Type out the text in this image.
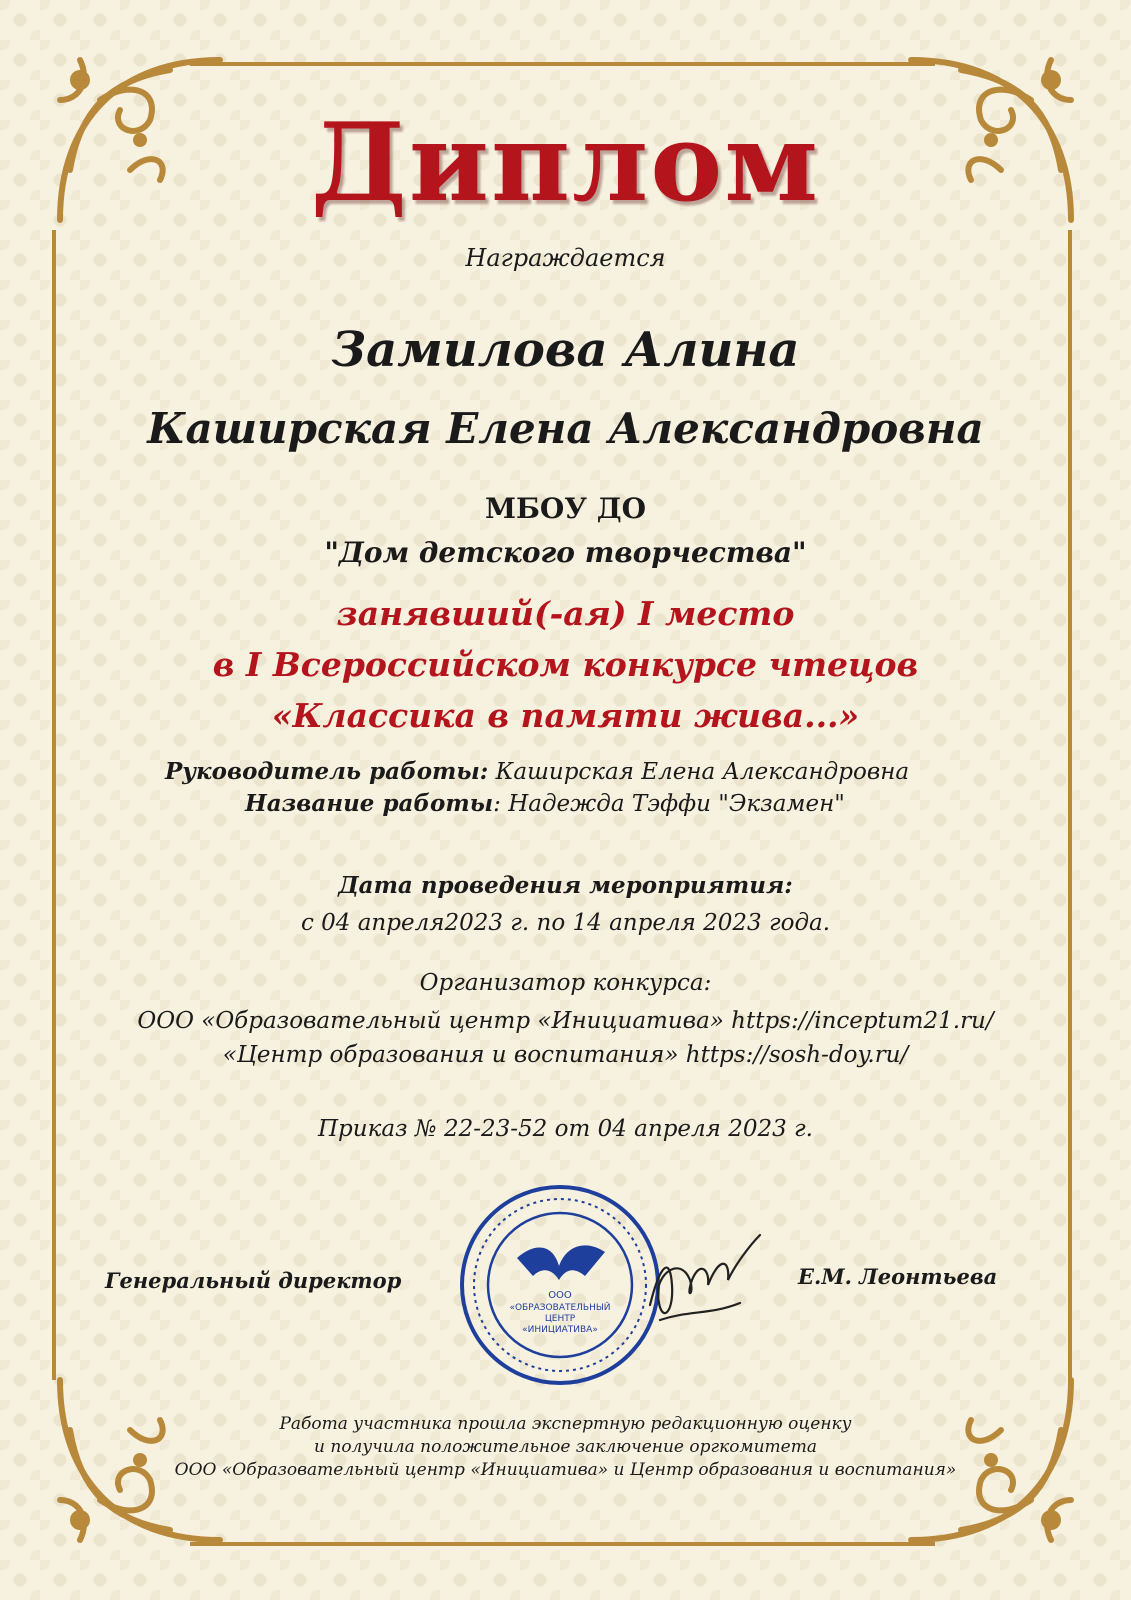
Диплом
Награждается
Замилова Алина
Каширская Елена Александровна
МБОУ ДО
"Дом детского творчества"
занявший(-ая) I место
в I Всероссийском конкурсе чтецов
«Классика в памяти жива...»
Руководитель работы: Каширская Елена Александровна
Название работы: Надежда Тэффи "Экзамен"
Дата проведения мероприятия:
с 04 апреля2023 г. по 14 апреля 2023 года.
Организатор конкурса:
ООО «Образовательный центр «Инициатива» https://inceptum21.ru/
«Центр образования и воспитания» https://sosh-doy.ru/
Приказ № 22-23-52 от 04 апреля 2023 г.
Генеральный директор	Е.М. Леонтьева
ООО
«ОБРАЗОВАТЕЛЬНЫЙ
ЦЕНТР
«ИНИЦИАТИВА»
Работа участника прошла экспертную редакционную оценку
и получила положительное заключение оргкомитета
ООО «Образовательный центр «Инициатива» и Центр образования и воспитания»
